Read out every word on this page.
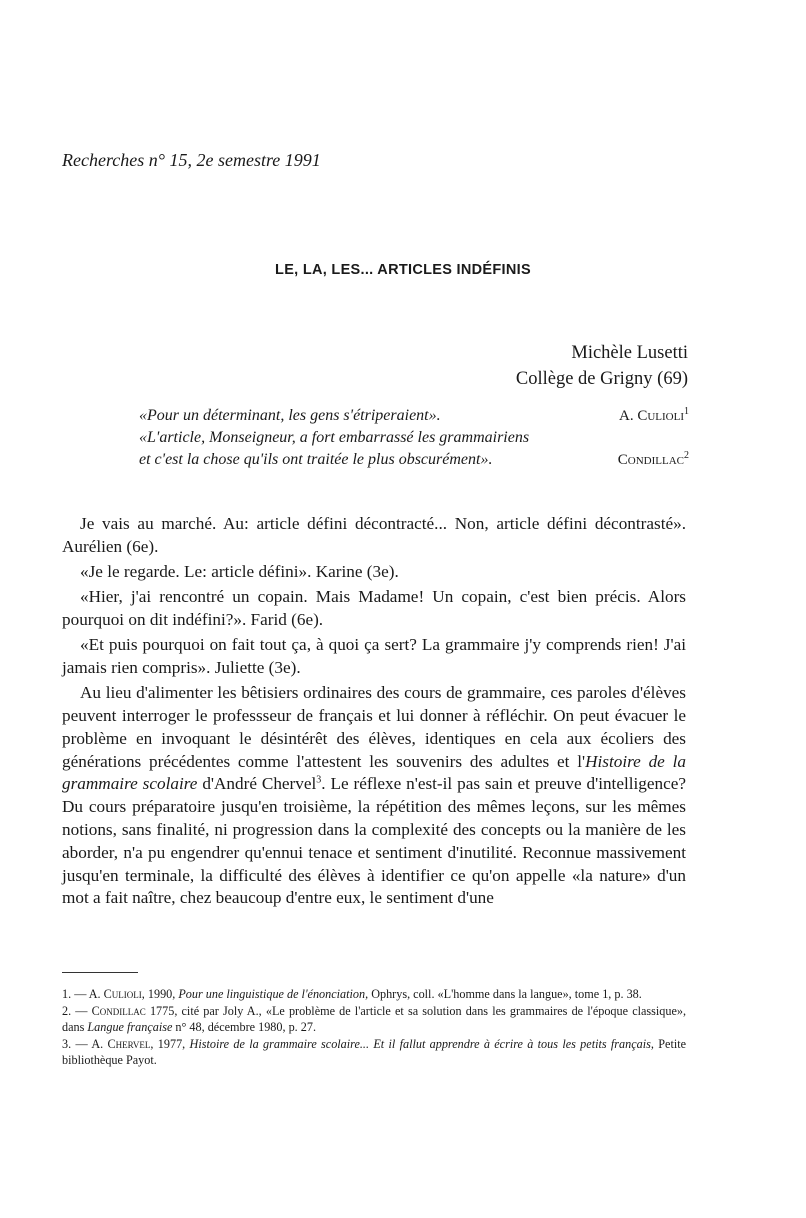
Recherches n° 15, 2e semestre 1991
LE, LA, LES... ARTICLES INDÉFINIS
Michèle Lusetti
Collège de Grigny (69)
«Pour un déterminant, les gens s'étriperaient».	A. Culioli$^1$
«L'article, Monseigneur, a fort embarrassé les grammairiens
et c'est la chose qu'ils ont traitée le plus obscurément».	Condillac$^2$

Je vais au marché. Au: article défini décontracté... Non, article défini décontrasté». Aurélien (6e).

«Je le regarde. Le: article défini». Karine (3e).

«Hier, j'ai rencontré un copain. Mais Madame! Un copain, c'est bien précis. Alors pourquoi on dit indéfini?». Farid (6e).

«Et puis pourquoi on fait tout ça, à quoi ça sert? La grammaire j'y comprends rien! J'ai jamais rien compris». Juliette (3e).

Au lieu d'alimenter les bêtisiers ordinaires des cours de grammaire, ces paroles d'élèves peuvent interroger le professseur de français et lui donner à réfléchir. On peut évacuer le problème en invoquant le désintérêt des élèves, identiques en cela aux écoliers des générations précédentes comme l'attestent les souvenirs des adultes et l'Histoire de la grammaire scolaire d'André Chervel$^3$. Le réflexe n'est-il pas sain et preuve d'intelligence? Du cours préparatoire jusqu'en troisième, la répétition des mêmes leçons, sur les mêmes notions, sans finalité, ni progression dans la complexité des concepts ou la manière de les aborder, n'a pu engendrer qu'ennui tenace et sentiment d'inutilité. Reconnue massivement jusqu'en terminale, la difficulté des élèves à identifier ce qu'on appelle «la nature» d'un mot a fait naître, chez beaucoup d'entre eux, le sentiment d'une

1. — A. Culioli, 1990, Pour une linguistique de l'énonciation, Ophrys, coll. «L'homme dans la langue», tome 1, p. 38.

2. — Condillac 1775, cité par Joly A., «Le problème de l'article et sa solution dans les grammaires de l'époque classique», dans Langue française n° 48, décembre 1980, p. 27.

3. — A. Chervel, 1977, Histoire de la grammaire scolaire... Et il fallut apprendre à écrire à tous les petits français, Petite bibliothèque Payot.
